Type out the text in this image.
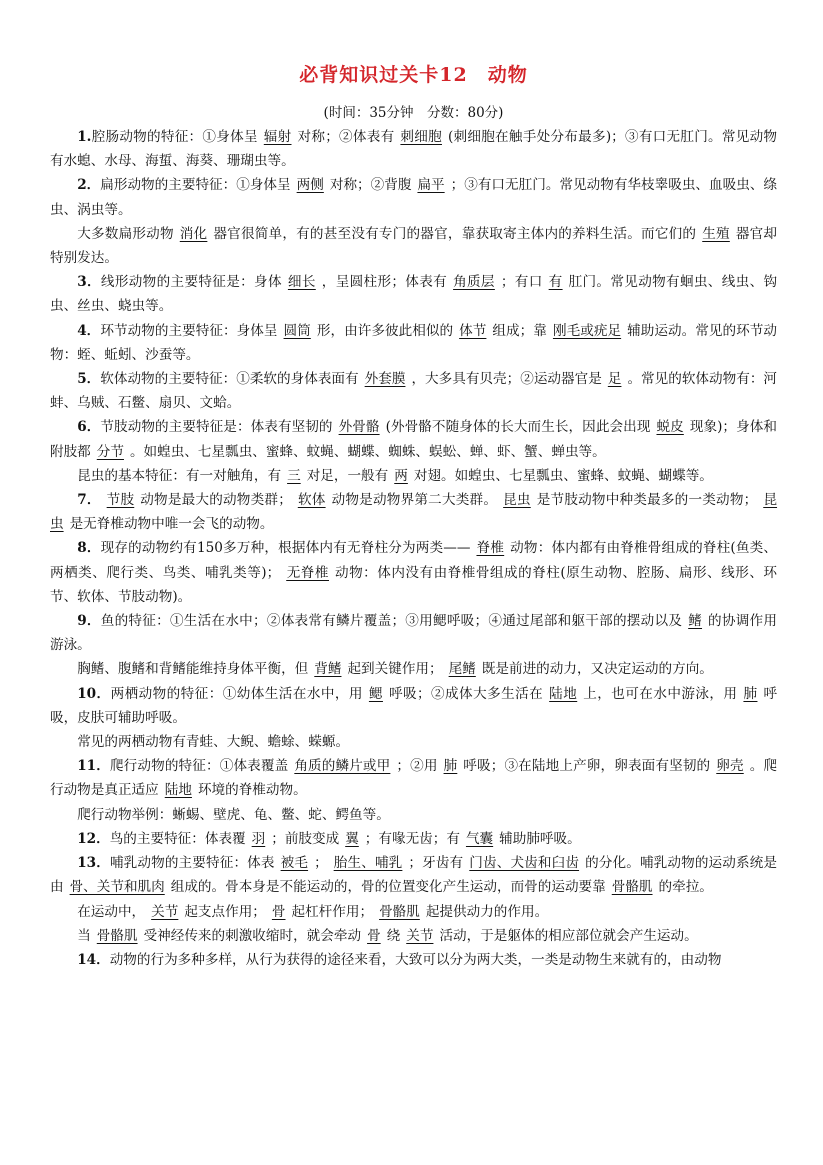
必背知识过关卡12　动物
(时间：35分钟　分数：80分)

1.腔肠动物的特征：①身体呈 辐射 对称；②体表有 刺细胞 (刺细胞在触手处分布最多)；③有口无肛门。常见动物有水螅、水母、海蜇、海葵、珊瑚虫等。

2．扁形动物的主要特征：①身体呈 两侧 对称；②背腹 扁平 ；③有口无肛门。常见动物有华枝睾吸虫、血吸虫、绦虫、涡虫等。

大多数扁形动物 消化 器官很简单，有的甚至没有专门的器官，靠获取寄主体内的养料生活。而它们的 生殖 器官却特别发达。

3．线形动物的主要特征是：身体 细长 ，呈圆柱形；体表有 角质层 ；有口 有 肛门。常见动物有蛔虫、线虫、钩虫、丝虫、蛲虫等。

4．环节动物的主要特征：身体呈 圆筒 形，由许多彼此相似的 体节 组成；靠 刚毛或疣足 辅助运动。常见的环节动物：蛭、蚯蚓、沙蚕等。

5．软体动物的主要特征：①柔软的身体表面有 外套膜 ，大多具有贝壳；②运动器官是 足 。常见的软体动物有：河蚌、乌贼、石鳖、扇贝、文蛤。

6．节肢动物的主要特征是：体表有坚韧的 外骨骼 (外骨骼不随身体的长大而生长，因此会出现 蜕皮 现象)；身体和附肢都 分节 。如蝗虫、七星瓢虫、蜜蜂、蚊蝇、蝴蝶、蜘蛛、蜈蚣、蝉、虾、蟹、蝉虫等。

昆虫的基本特征：有一对触角，有 三 对足，一般有 两 对翅。如蝗虫、七星瓢虫、蜜蜂、蚊蝇、蝴蝶等。

7． 节肢 动物是最大的动物类群； 软体 动物是动物界第二大类群。 昆虫 是节肢动物中种类最多的一类动物； 昆虫 是无脊椎动物中唯一会飞的动物。

8．现存的动物约有150多万种，根据体内有无脊柱分为两类—— 脊椎 动物：体内都有由脊椎骨组成的脊柱(鱼类、两栖类、爬行类、鸟类、哺乳类等)； 无脊椎 动物：体内没有由脊椎骨组成的脊柱(原生动物、腔肠、扁形、线形、环节、软体、节肢动物)。

9．鱼的特征：①生活在水中；②体表常有鳞片覆盖；③用鳃呼吸；④通过尾部和躯干部的摆动以及 鳍 的协调作用游泳。

胸鳍、腹鳍和背鳍能维持身体平衡，但 背鳍 起到关键作用； 尾鳍 既是前进的动力，又决定运动的方向。

10．两栖动物的特征：①幼体生活在水中，用 鳃 呼吸；②成体大多生活在 陆地 上，也可在水中游泳，用 肺 呼吸，皮肤可辅助呼吸。

常见的两栖动物有青蛙、大鲵、蟾蜍、蝾螈。

11．爬行动物的特征：①体表覆盖 角质的鳞片或甲 ；②用 肺 呼吸；③在陆地上产卵，卵表面有坚韧的 卵壳 。爬行动物是真正适应 陆地 环境的脊椎动物。

爬行动物举例：蜥蜴、壁虎、龟、鳖、蛇、鳄鱼等。

12．鸟的主要特征：体表覆 羽 ；前肢变成 翼 ；有喙无齿；有 气囊 辅助肺呼吸。

13．哺乳动物的主要特征：体表 被毛 ； 胎生、哺乳 ；牙齿有 门齿、犬齿和臼齿 的分化。哺乳动物的运动系统是由 骨、关节和肌肉 组成的。骨本身是不能运动的，骨的位置变化产生运动，而骨的运动要靠 骨骼肌 的牵拉。

在运动中， 关节 起支点作用； 骨 起杠杆作用； 骨骼肌 起提供动力的作用。

当 骨骼肌 受神经传来的刺激收缩时，就会牵动 骨 绕 关节 活动，于是躯体的相应部位就会产生运动。

14．动物的行为多种多样，从行为获得的途径来看，大致可以分为两大类，一类是动物生来就有的，由动物
